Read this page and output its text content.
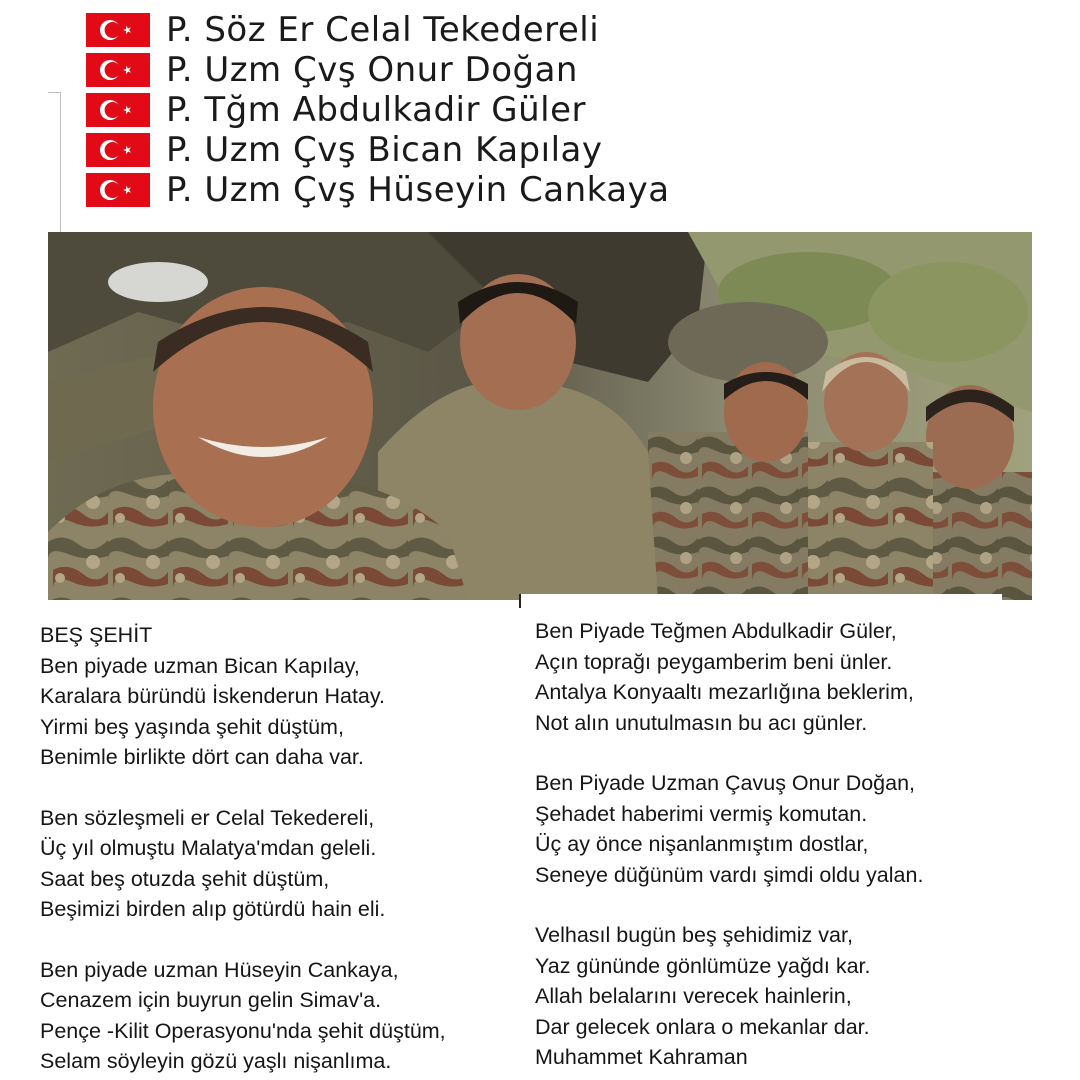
P. Söz Er Celal Tekedereli
P. Uzm Çvş Onur Doğan
P. Tğm Abdulkadir Güler
P. Uzm Çvş Bican Kapılay
P. Uzm Çvş Hüseyin Cankaya
BEŞ ŞEHİT
Ben piyade uzman Bican Kapılay,
Karalara büründü İskenderun Hatay.
Yirmi beş yaşında şehit düştüm,
Benimle birlikte dört can daha var.
Ben sözleşmeli er Celal Tekedereli,
Üç yıl olmuştu Malatya'mdan geleli.
Saat beş otuzda şehit düştüm,
Beşimizi birden alıp götürdü hain eli.
Ben piyade uzman Hüseyin Cankaya,
Cenazem için buyrun gelin Simav'a.
Pençe -Kilit Operasyonu'nda şehit düştüm,
Selam söyleyin gözü yaşlı nişanlıma.
Ben Piyade Teğmen Abdulkadir Güler,
Açın toprağı peygamberim beni ünler.
Antalya Konyaaltı mezarlığına beklerim,
Not alın unutulmasın bu acı günler.
Ben Piyade Uzman Çavuş Onur Doğan,
Şehadet haberimi vermiş komutan.
Üç ay önce nişanlanmıştım dostlar,
Seneye düğünüm vardı şimdi oldu yalan.
Velhasıl bugün beş şehidimiz var,
Yaz gününde gönlümüze yağdı kar.
Allah belalarını verecek hainlerin,
Dar gelecek onlara o mekanlar dar.
Muhammet Kahraman
